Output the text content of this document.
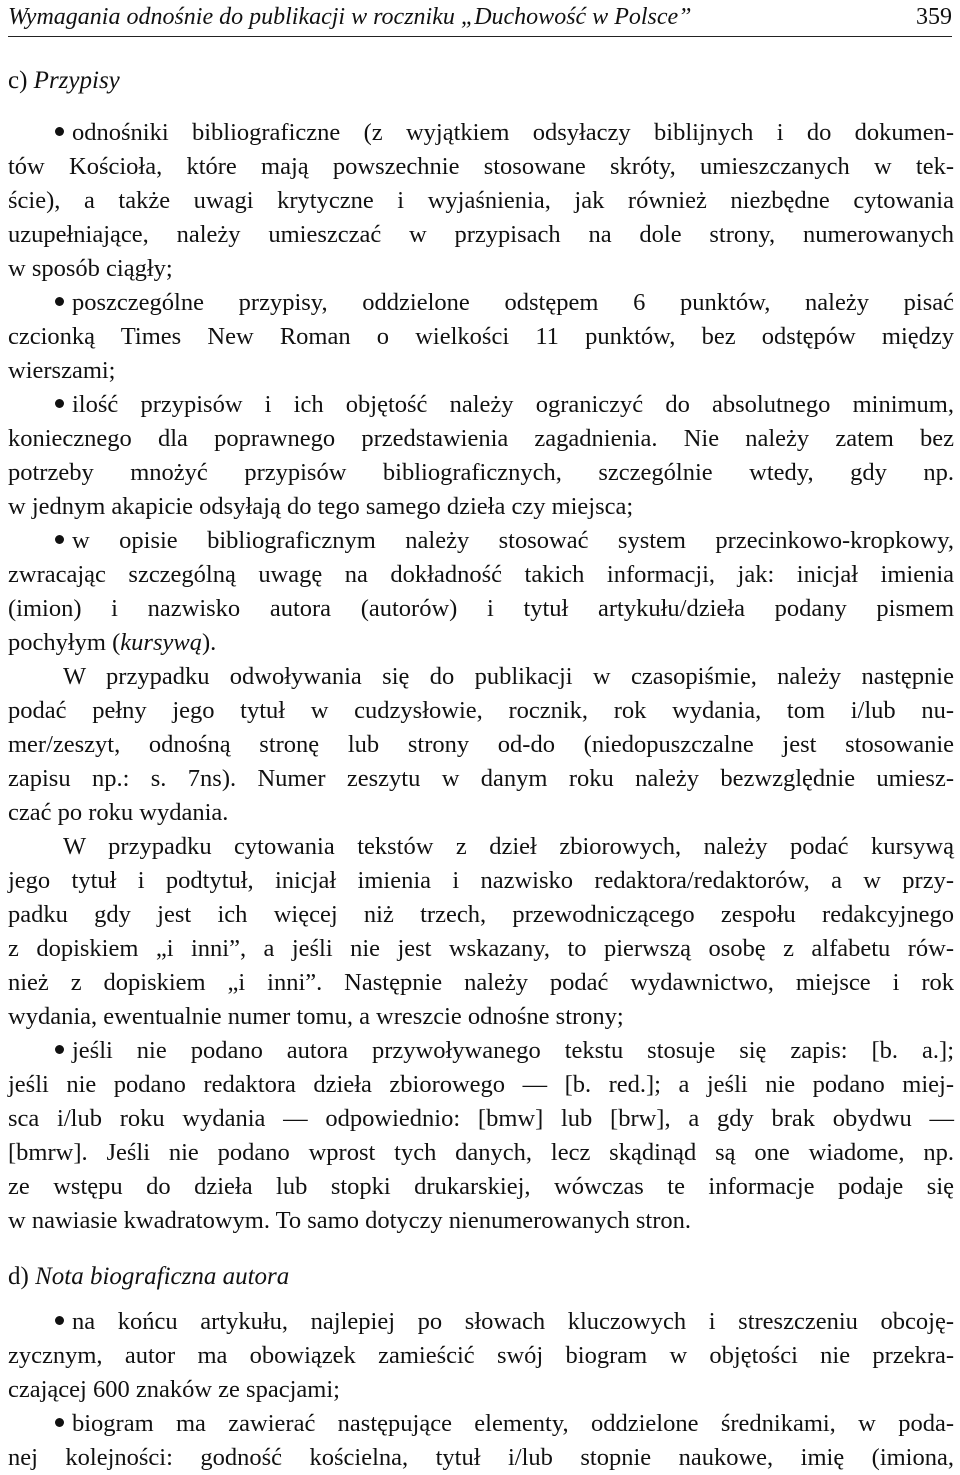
Wymagania odnośnie do publikacji w roczniku „Duchowość w Polsce”	359
c) Przypisy
odnośniki bibliograficzne (z wyjątkiem odsyłaczy biblijnych i do dokumen-
tów Kościoła, które mają powszechnie stosowane skróty, umieszczanych w tek-
ście), a także uwagi krytyczne i wyjaśnienia, jak również niezbędne cytowania
uzupełniające, należy umieszczać w przypisach na dole strony, numerowanych
w sposób ciągły;
poszczególne przypisy, oddzielone odstępem 6 punktów, należy pisać
czcionką Times New Roman o wielkości 11 punktów, bez odstępów między
wierszami;
ilość przypisów i ich objętość należy ograniczyć do absolutnego minimum,
koniecznego dla poprawnego przedstawienia zagadnienia. Nie należy zatem bez
potrzeby mnożyć przypisów bibliograficznych, szczególnie wtedy, gdy np.
w jednym akapicie odsyłają do tego samego dzieła czy miejsca;
w opisie bibliograficznym należy stosować system przecinkowo-kropkowy,
zwracając szczególną uwagę na dokładność takich informacji, jak: inicjał imienia
(imion) i nazwisko autora (autorów) i tytuł artykułu/dzieła podany pismem
pochyłym (kursywą).
W przypadku odwoływania się do publikacji w czasopiśmie, należy następnie
podać pełny jego tytuł w cudzysłowie, rocznik, rok wydania, tom i/lub nu-
mer/zeszyt, odnośną stronę lub strony od-do (niedopuszczalne jest stosowanie
zapisu np.: s. 7ns). Numer zeszytu w danym roku należy bezwzględnie umiesz-
czać po roku wydania.
W przypadku cytowania tekstów z dzieł zbiorowych, należy podać kursywą
jego tytuł i podtytuł, inicjał imienia i nazwisko redaktora/redaktorów, a w przy-
padku gdy jest ich więcej niż trzech, przewodniczącego zespołu redakcyjnego
z dopiskiem „i inni”, a jeśli nie jest wskazany, to pierwszą osobę z alfabetu rów-
nież z dopiskiem „i inni”. Następnie należy podać wydawnictwo, miejsce i rok
wydania, ewentualnie numer tomu, a wreszcie odnośne strony;
jeśli nie podano autora przywoływanego tekstu stosuje się zapis: [b. a.];
jeśli nie podano redaktora dzieła zbiorowego — [b. red.]; a jeśli nie podano miej-
sca i/lub roku wydania — odpowiednio: [bmw] lub [brw], a gdy brak obydwu —
[bmrw]. Jeśli nie podano wprost tych danych, lecz skądinąd są one wiadome, np.
ze wstępu do dzieła lub stopki drukarskiej, wówczas te informacje podaje się
w nawiasie kwadratowym. To samo dotyczy nienumerowanych stron.
d) Nota biograficzna autora
na końcu artykułu, najlepiej po słowach kluczowych i streszczeniu obcoję-
zycznym, autor ma obowiązek zamieścić swój biogram w objętości nie przekra-
czającej 600 znaków ze spacjami;
biogram ma zawierać następujące elementy, oddzielone średnikami, w poda-
nej kolejności: godność kościelna, tytuł i/lub stopnie naukowe, imię (imiona,
